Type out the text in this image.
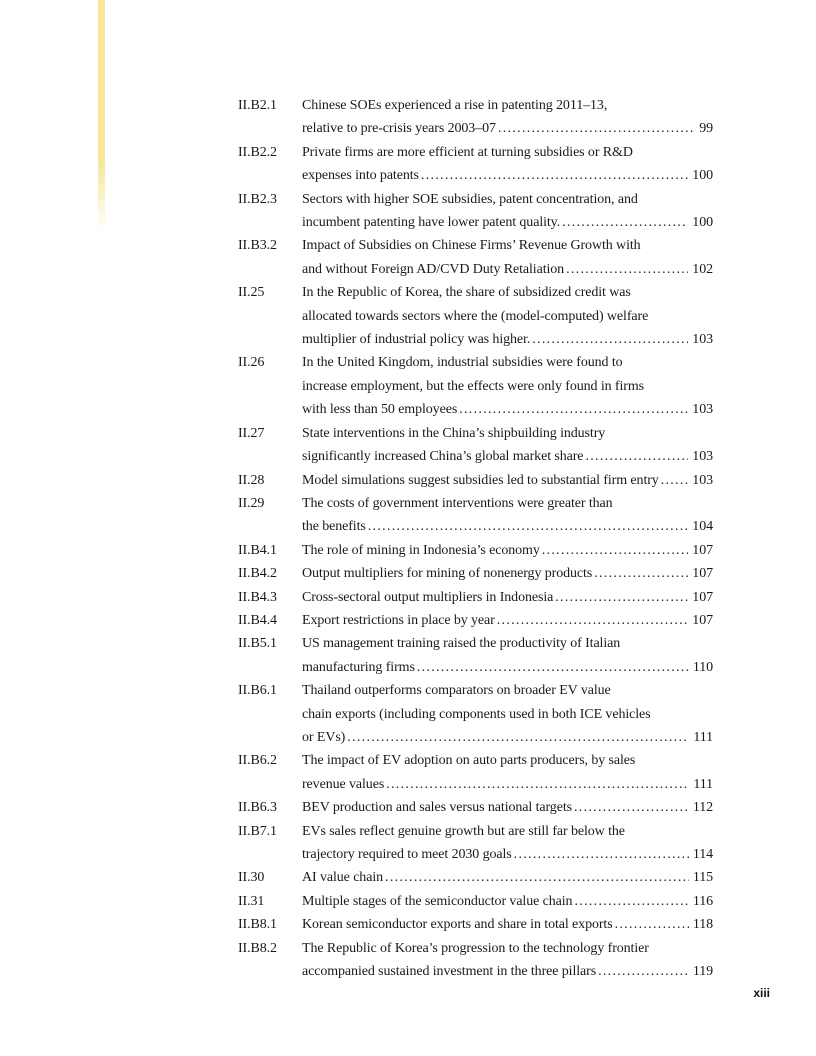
II.B2.1	Chinese SOEs experienced a rise in patenting 2011–13,
relative to pre-crisis years 2003–07 .....	99
II.B2.2	Private firms are more efficient at turning subsidies or R&D
expenses into patents .....	100
II.B2.3	Sectors with higher SOE subsidies, patent concentration, and
incumbent patenting have lower patent quality. .....	100
II.B3.2	Impact of Subsidies on Chinese Firms’ Revenue Growth with
and without Foreign AD/CVD Duty Retaliation .....	102
II.25	In the Republic of Korea, the share of subsidized credit was
allocated towards sectors where the (model-computed) welfare
multiplier of industrial policy was higher. .....	103
II.26	In the United Kingdom, industrial subsidies were found to
increase employment, but the effects were only found in firms
with less than 50 employees .....	103
II.27	State interventions in the China’s shipbuilding industry
significantly increased China’s global market share .....	103
II.28	Model simulations suggest subsidies led to substantial firm entry ..... 103
II.29	The costs of government interventions were greater than
the benefits .....	104
II.B4.1	The role of mining in Indonesia’s economy .....	107
II.B4.2	Output multipliers for mining of nonenergy products .....	107
II.B4.3	Cross-sectoral output multipliers in Indonesia .....	107
II.B4.4	Export restrictions in place by year .....	107
II.B5.1	US management training raised the productivity of Italian
manufacturing firms .....	110
II.B6.1	Thailand outperforms comparators on broader EV value
chain exports (including components used in both ICE vehicles
or EVs) .....	111
II.B6.2	The impact of EV adoption on auto parts producers, by sales
revenue values .....	111
II.B6.3	BEV production and sales versus national targets .....	112
II.B7.1	EVs sales reflect genuine growth but are still far below the
trajectory required to meet 2030 goals .....	114
II.30	AI value chain .....	115
II.31	Multiple stages of the semiconductor value chain .....	116
II.B8.1	Korean semiconductor exports and share in total exports .....	118
II.B8.2	The Republic of Korea’s progression to the technology frontier
accompanied sustained investment in the three pillars .....	119
xiii
